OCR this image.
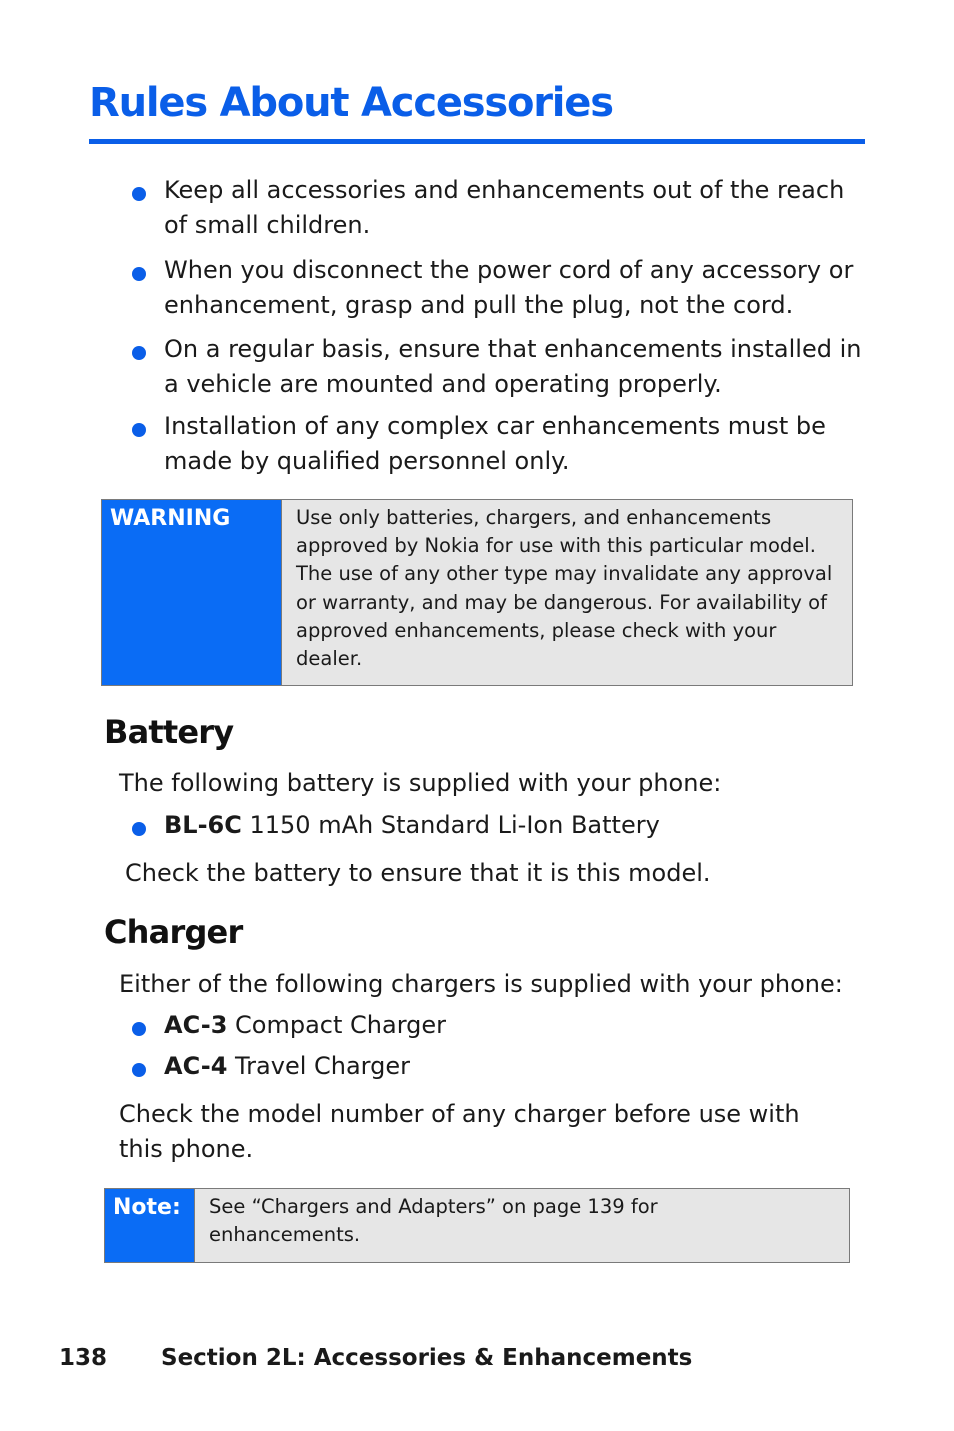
Rules About Accessories
Keep all accessories and enhancements out of the reach of small children.
When you disconnect the power cord of any accessory or enhancement, grasp and pull the plug, not the cord.
On a regular basis, ensure that enhancements installed in a vehicle are mounted and operating properly.
Installation of any complex car enhancements must be made by qualified personnel only.
WARNING	Use only batteries, chargers, and enhancements approved by Nokia for use with this particular model. The use of any other type may invalidate any approval or warranty, and may be dangerous. For availability of approved enhancements, please check with your dealer.
Battery

The following battery is supplied with your phone:

BL-6C 1150 mAh Standard Li-Ion Battery

Check the battery to ensure that it is this model.

Charger

Either of the following chargers is supplied with your phone:

AC-3 Compact Charger
AC-4 Travel Charger

Check the model number of any charger before use with this phone.

Note:	See “Chargers and Adapters” on page 139 for enhancements.
138 Section 2L: Accessories & Enhancements
